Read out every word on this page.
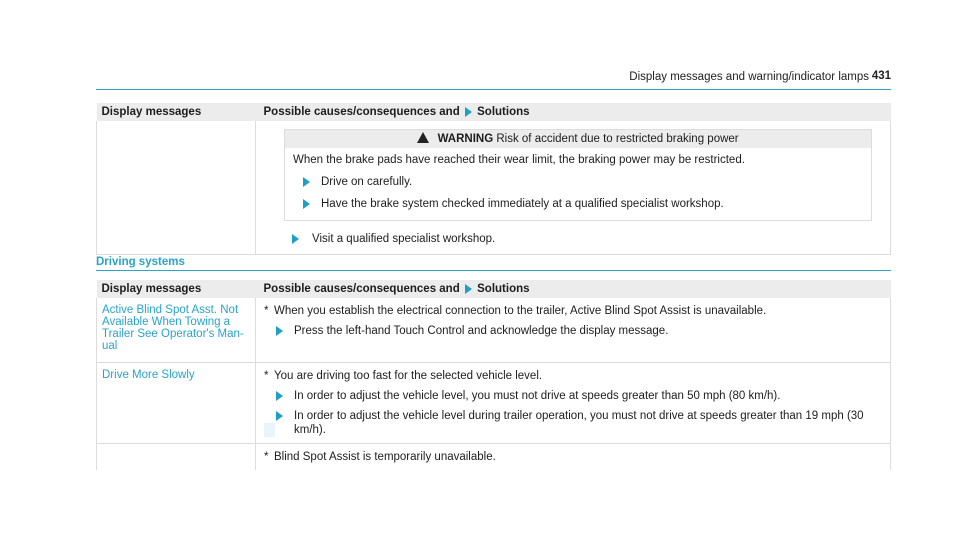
Display messages and warning/indicator lamps 431
Display messages	Possible causes/consequences and Solutions

	WARNING Risk of accident due to restricted braking power
When the brake pads have reached their wear limit, the braking power may be restricted.
Drive on carefully.
Have the brake system checked immediately at a qualified specialist workshop.
Visit a qualified specialist workshop.
Driving systems
Display messages	Possible causes/consequences and Solutions
Active Blind Spot Asst. Not Available When Towing a Trailer See Operator's Man- ual	* When you establish the electrical connection to the trailer, Active Blind Spot Assist is unavailable.
Press the left-hand Touch Control and acknowledge the display message.

Drive More Slowly	* You are driving too fast for the selected vehicle level.
In order to adjust the vehicle level, you must not drive at speeds greater than 50 mph (80 km/h).
In order to adjust the vehicle level during trailer operation, you must not drive at speeds greater than 19 mph (30 km/h).

	* Blind Spot Assist is temporarily unavailable.
